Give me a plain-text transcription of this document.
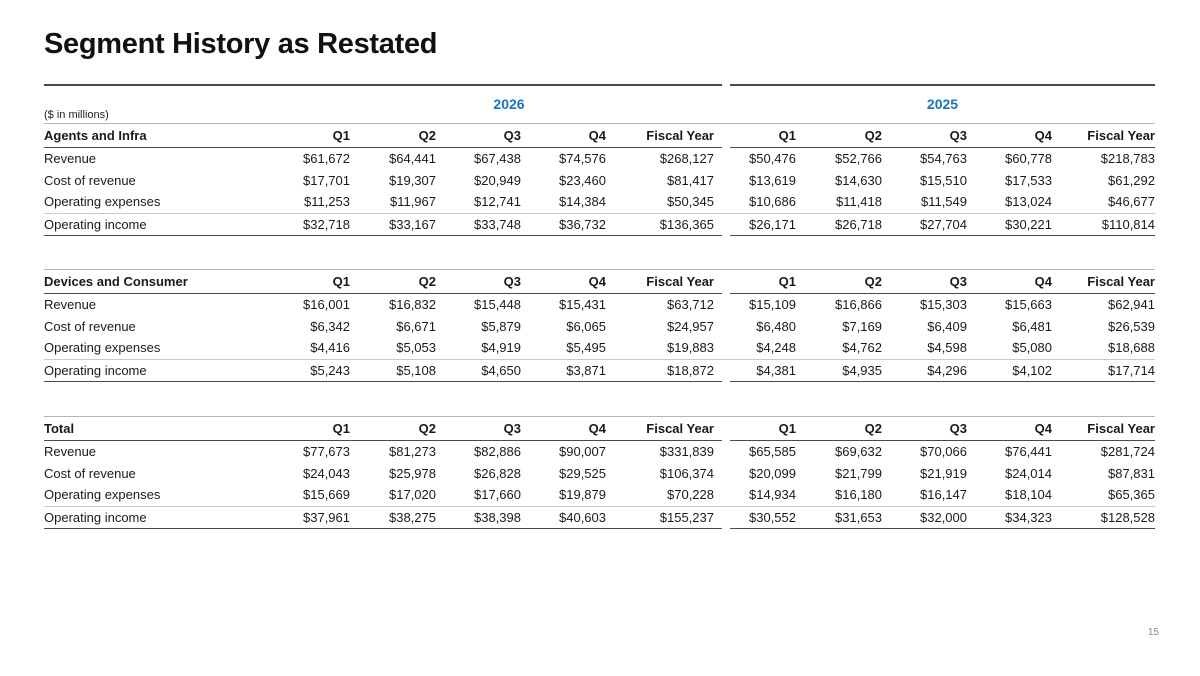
Segment History as Restated
2026	2025
($ in millions)
Agents and Infra	Q1	Q2	Q3	Q4	Fiscal Year	Q1	Q2	Q3	Q4	Fiscal Year
Revenue	$61,672	$64,441	$67,438	$74,576	$268,127	$50,476	$52,766	$54,763	$60,778	$218,783
Cost of revenue	$17,701	$19,307	$20,949	$23,460	$81,417	$13,619	$14,630	$15,510	$17,533	$61,292
Operating expenses	$11,253	$11,967	$12,741	$14,384	$50,345	$10,686	$11,418	$11,549	$13,024	$46,677
Operating income	$32,718	$33,167	$33,748	$36,732	$136,365	$26,171	$26,718	$27,704	$30,221	$110,814
Devices and Consumer	Q1	Q2	Q3	Q4	Fiscal Year	Q1	Q2	Q3	Q4	Fiscal Year
Revenue	$16,001	$16,832	$15,448	$15,431	$63,712	$15,109	$16,866	$15,303	$15,663	$62,941
Cost of revenue	$6,342	$6,671	$5,879	$6,065	$24,957	$6,480	$7,169	$6,409	$6,481	$26,539
Operating expenses	$4,416	$5,053	$4,919	$5,495	$19,883	$4,248	$4,762	$4,598	$5,080	$18,688
Operating income	$5,243	$5,108	$4,650	$3,871	$18,872	$4,381	$4,935	$4,296	$4,102	$17,714
Total	Q1	Q2	Q3	Q4	Fiscal Year	Q1	Q2	Q3	Q4	Fiscal Year
Revenue	$77,673	$81,273	$82,886	$90,007	$331,839	$65,585	$69,632	$70,066	$76,441	$281,724
Cost of revenue	$24,043	$25,978	$26,828	$29,525	$106,374	$20,099	$21,799	$21,919	$24,014	$87,831
Operating expenses	$15,669	$17,020	$17,660	$19,879	$70,228	$14,934	$16,180	$16,147	$18,104	$65,365
Operating income	$37,961	$38,275	$38,398	$40,603	$155,237	$30,552	$31,653	$32,000	$34,323	$128,528
15
